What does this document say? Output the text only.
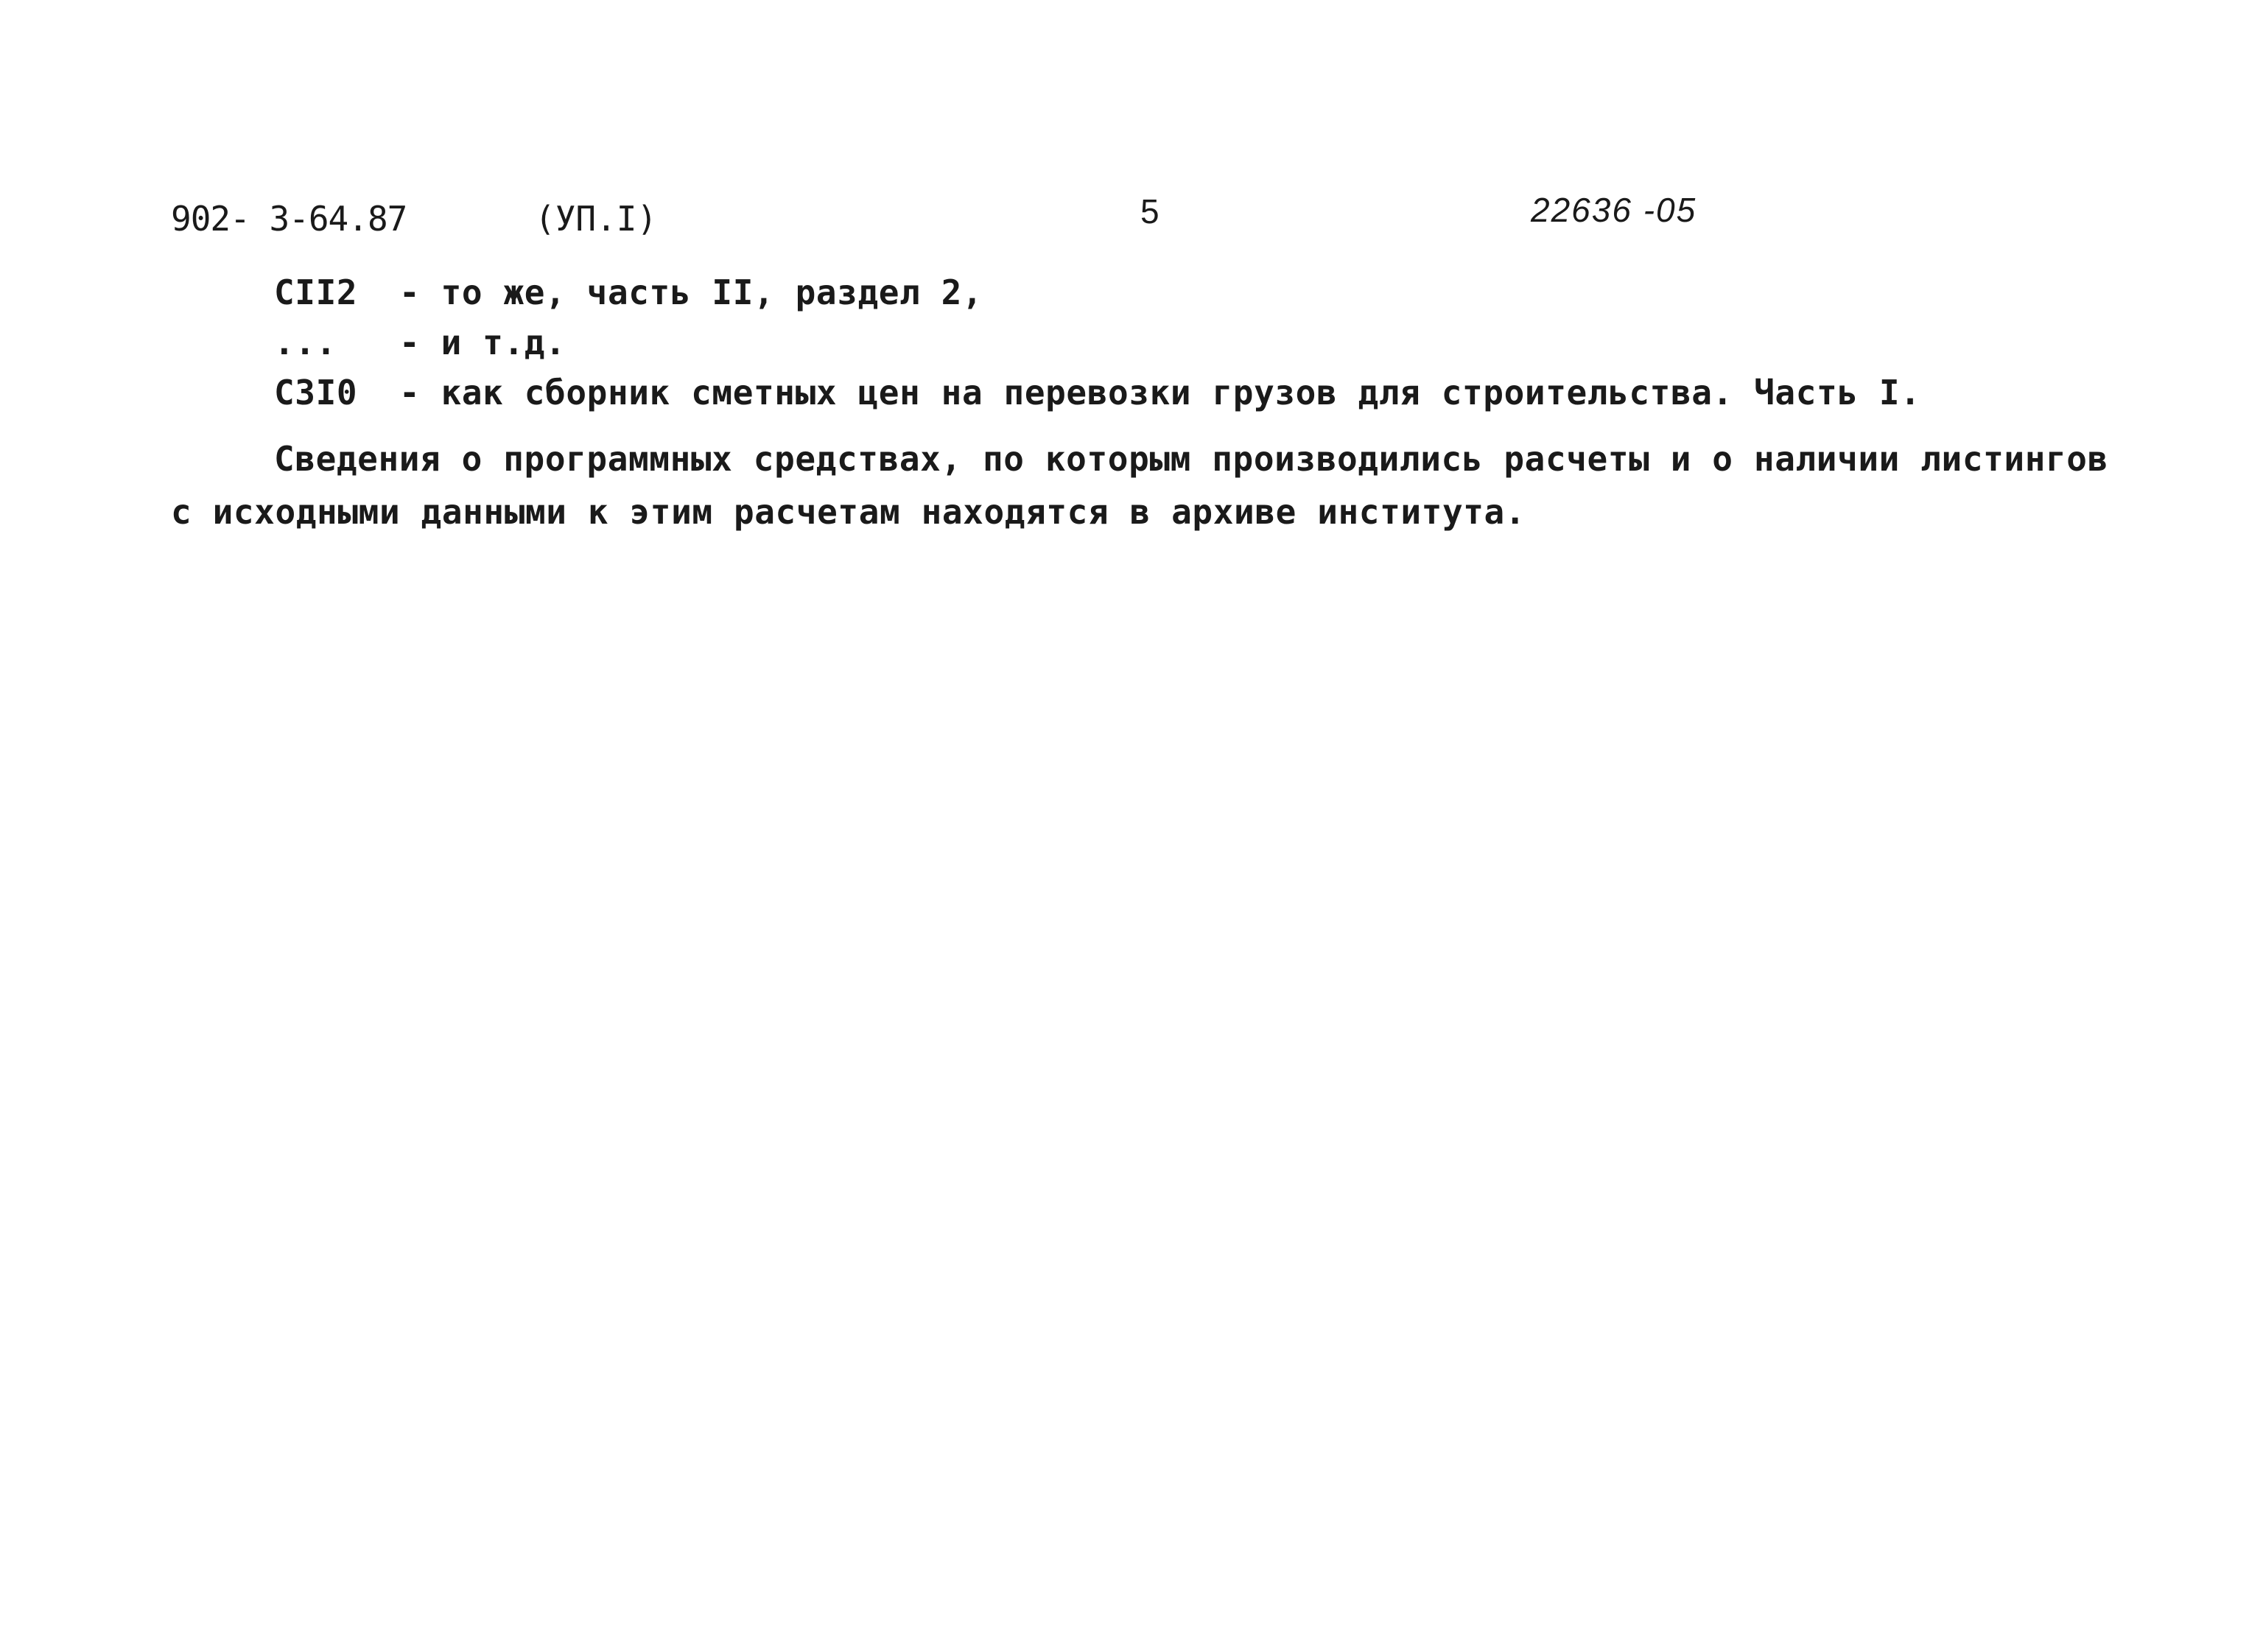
902- 3-64.87	(УП.I)	5	22636 -05
CII2 - то же, часть II, раздел 2,
... - и т.д.
C3I0 - как сборник сметных цен на перевозки грузов для строительства. Часть I.
Сведения о программных средствах, по которым производились расчеты и о наличии листингов
с исходными данными к этим расчетам находятся в архиве института.
